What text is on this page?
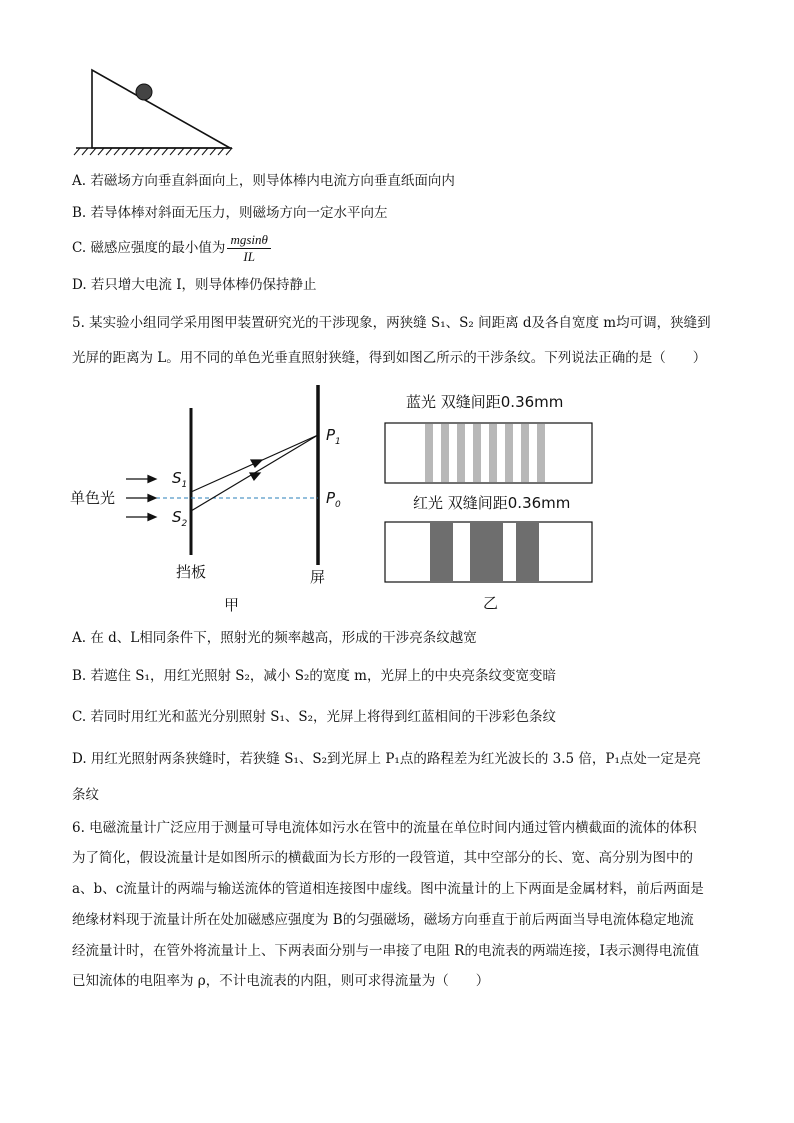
A. 若磁场方向垂直斜面向上，则导体棒内电流方向垂直纸面向内
B. 若导体棒对斜面无压力，则磁场方向一定水平向左
C. 磁感应强度的最小值为 $\frac{mgsin\theta}{IL}$
D. 若只增大电流 I，则导体棒仍保持静止
5. 某实验小组同学采用图甲装置研究光的干涉现象，两狭缝 S₁、S₂ 间距离 d及各自宽度 m均可调，狭缝到
光屏的距离为 L。用不同的单色光垂直照射狭缝，得到如图乙所示的干涉条纹。下列说法正确的是（　　）
单色光
$S_1$
$S_2$
$P_1$
$P_0$
挡板	屏
甲
蓝光 双缝间距0.36mm
红光 双缝间距0.36mm
乙
A. 在 d、L相同条件下，照射光的频率越高，形成的干涉亮条纹越宽
B. 若遮住 S₁，用红光照射 S₂，减小 S₂的宽度 m，光屏上的中央亮条纹变宽变暗
C. 若同时用红光和蓝光分别照射 S₁、S₂，光屏上将得到红蓝相间的干涉彩色条纹
D. 用红光照射两条狭缝时，若狭缝 S₁、S₂到光屏上 P₁点的路程差为红光波长的 3.5 倍，P₁点处一定是亮
条纹
6. 电磁流量计广泛应用于测量可导电流体如污水在管中的流量在单位时间内通过管内横截面的流体的体积
为了简化，假设流量计是如图所示的横截面为长方形的一段管道，其中空部分的长、宽、高分别为图中的
a、b、c流量计的两端与输送流体的管道相连接图中虚线。图中流量计的上下两面是金属材料，前后两面是
绝缘材料现于流量计所在处加磁感应强度为 B的匀强磁场，磁场方向垂直于前后两面当导电流体稳定地流
经流量计时，在管外将流量计上、下两表面分别与一串接了电阻 R的电流表的两端连接，I表示测得电流值
已知流体的电阻率为 ρ，不计电流表的内阻，则可求得流量为（　　）
